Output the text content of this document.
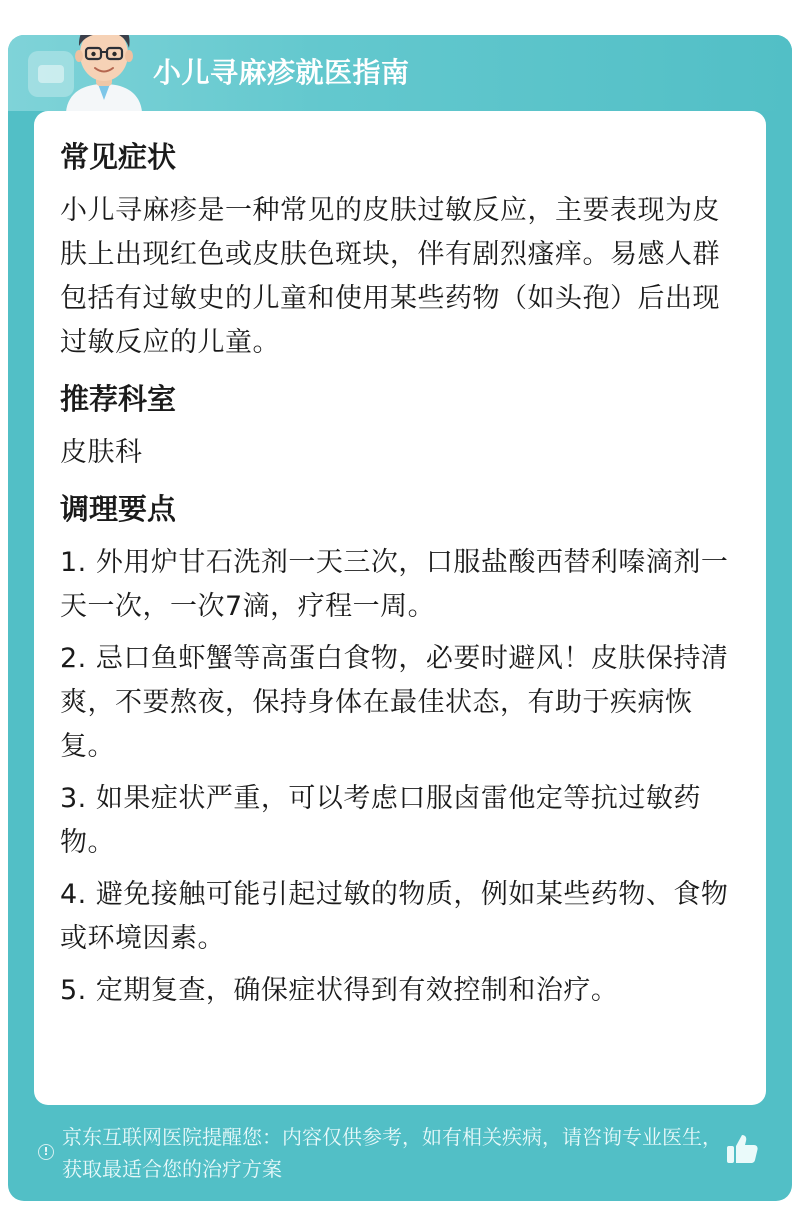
小儿寻麻疹就医指南
常见症状

小儿寻麻疹是一种常见的皮肤过敏反应，主要表现为皮肤上出现红色或皮肤色斑块，伴有剧烈瘙痒。易感人群包括有过敏史的儿童和使用某些药物（如头孢）后出现过敏反应的儿童。

推荐科室

皮肤科

调理要点
1. 外用炉甘石洗剂一天三次，口服盐酸西替利嗪滴剂一天一次，一次7滴，疗程一周。
2. 忌口鱼虾蟹等高蛋白食物，必要时避风！皮肤保持清爽，不要熬夜，保持身体在最佳状态，有助于疾病恢复。
3. 如果症状严重，可以考虑口服卤雷他定等抗过敏药物。
4. 避免接触可能引起过敏的物质，例如某些药物、食物或环境因素。
5. 定期复查，确保症状得到有效控制和治疗。
!
京东互联网医院提醒您：内容仅供参考，如有相关疾病，请咨询专业医生，获取最适合您的治疗方案
